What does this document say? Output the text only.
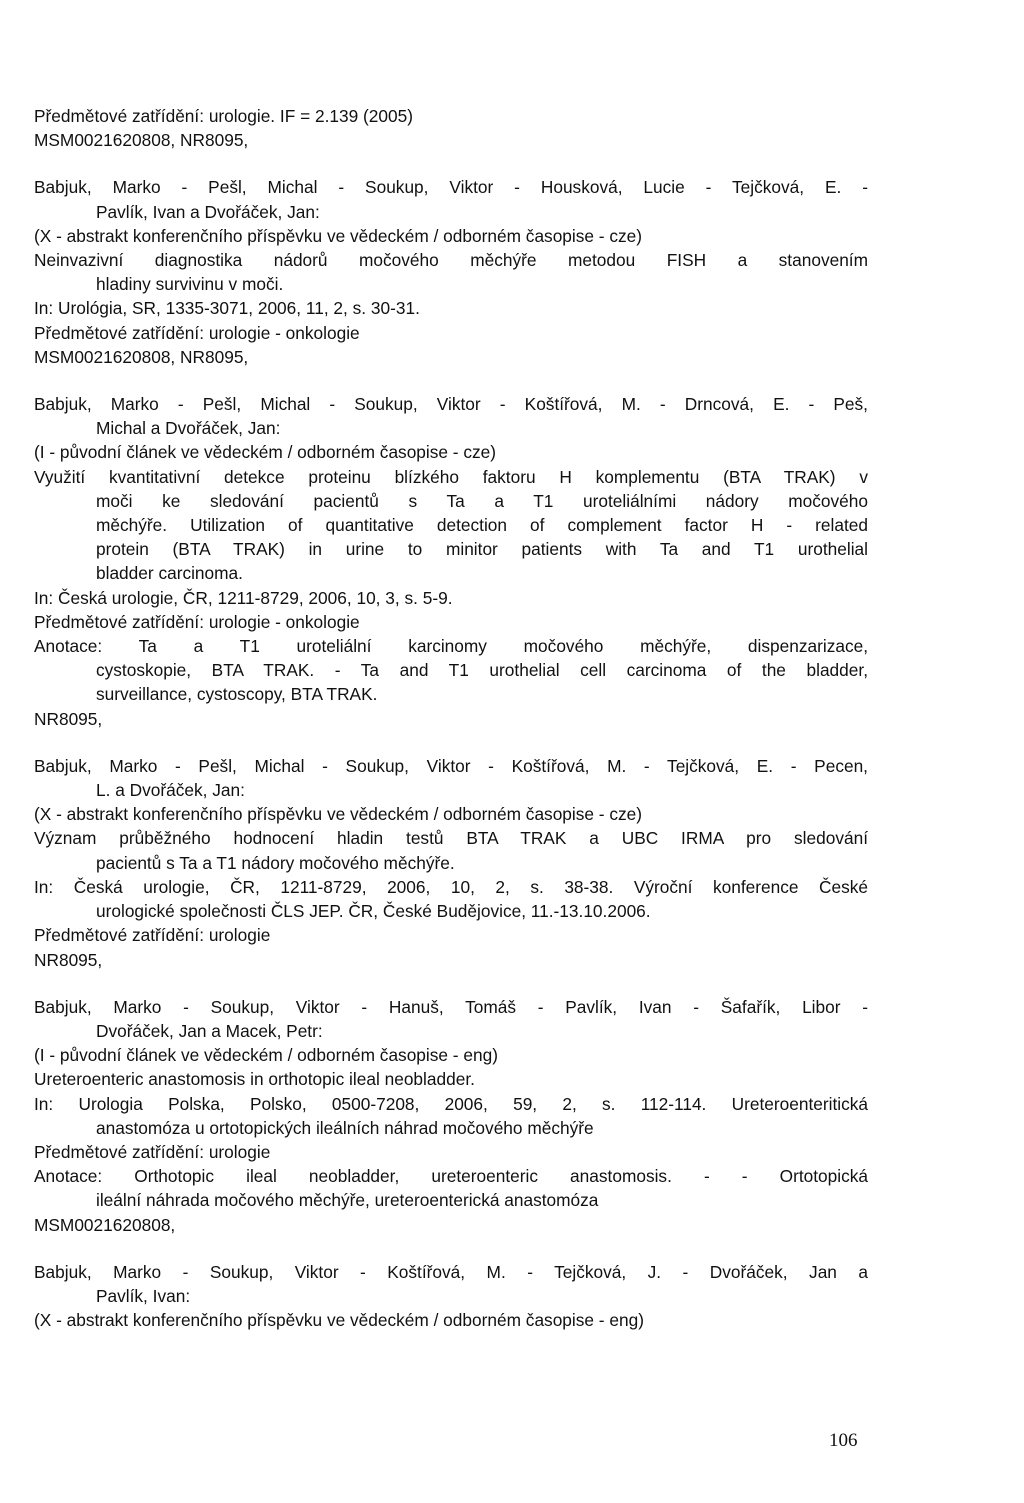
Předmětové zatřídění: urologie. IF = 2.139 (2005)
MSM0021620808, NR8095,
Babjuk, Marko - Pešl, Michal - Soukup, Viktor - Housková, Lucie - Tejčková, E. -
Pavlík, Ivan a Dvořáček, Jan:
(X - abstrakt konferenčního příspěvku ve vědeckém / odborném časopise - cze)
Neinvazivní diagnostika nádorů močového měchýře metodou FISH a stanovením
hladiny survivinu v moči.
In: Urológia, SR, 1335-3071, 2006, 11, 2, s. 30-31.
Předmětové zatřídění: urologie - onkologie
MSM0021620808, NR8095,
Babjuk, Marko - Pešl, Michal - Soukup, Viktor - Koštířová, M. - Drncová, E. - Peš,
Michal a Dvořáček, Jan:
(I - původní článek ve vědeckém / odborném časopise - cze)
Využití kvantitativní detekce proteinu blízkého faktoru H komplementu (BTA TRAK) v
moči ke sledování pacientů s Ta a T1 uroteliálními nádory močového
měchýře. Utilization of quantitative detection of complement factor H - related
protein (BTA TRAK) in urine to minitor patients with Ta and T1 urothelial
bladder carcinoma.
In: Česká urologie, ČR, 1211-8729, 2006, 10, 3, s. 5-9.
Předmětové zatřídění: urologie - onkologie
Anotace: Ta a T1 uroteliální karcinomy močového měchýře, dispenzarizace,
cystoskopie, BTA TRAK. - Ta and T1 urothelial cell carcinoma of the bladder,
surveillance, cystoscopy, BTA TRAK.
NR8095,
Babjuk, Marko - Pešl, Michal - Soukup, Viktor - Koštířová, M. - Tejčková, E. - Pecen,
L. a Dvořáček, Jan:
(X - abstrakt konferenčního příspěvku ve vědeckém / odborném časopise - cze)
Význam průběžného hodnocení hladin testů BTA TRAK a UBC IRMA pro sledování
pacientů s Ta a T1 nádory močového měchýře.
In: Česká urologie, ČR, 1211-8729, 2006, 10, 2, s. 38-38. Výroční konference České
urologické společnosti ČLS JEP. ČR, České Budějovice, 11.-13.10.2006.
Předmětové zatřídění: urologie
NR8095,
Babjuk, Marko - Soukup, Viktor - Hanuš, Tomáš - Pavlík, Ivan - Šafařík, Libor -
Dvořáček, Jan a Macek, Petr:
(I - původní článek ve vědeckém / odborném časopise - eng)
Ureteroenteric anastomosis in orthotopic ileal neobladder.
In: Urologia Polska, Polsko, 0500-7208, 2006, 59, 2, s. 112-114. Ureteroenteritická
anastomóza u ortotopických ileálních náhrad močového měchýře
Předmětové zatřídění: urologie
Anotace: Orthotopic ileal neobladder, ureteroenteric anastomosis. - - Ortotopická
ileální náhrada močového měchýře, ureteroenterická anastomóza
MSM0021620808,
Babjuk, Marko - Soukup, Viktor - Koštířová, M. - Tejčková, J. - Dvořáček, Jan a
Pavlík, Ivan:
(X - abstrakt konferenčního příspěvku ve vědeckém / odborném časopise - eng)
106
